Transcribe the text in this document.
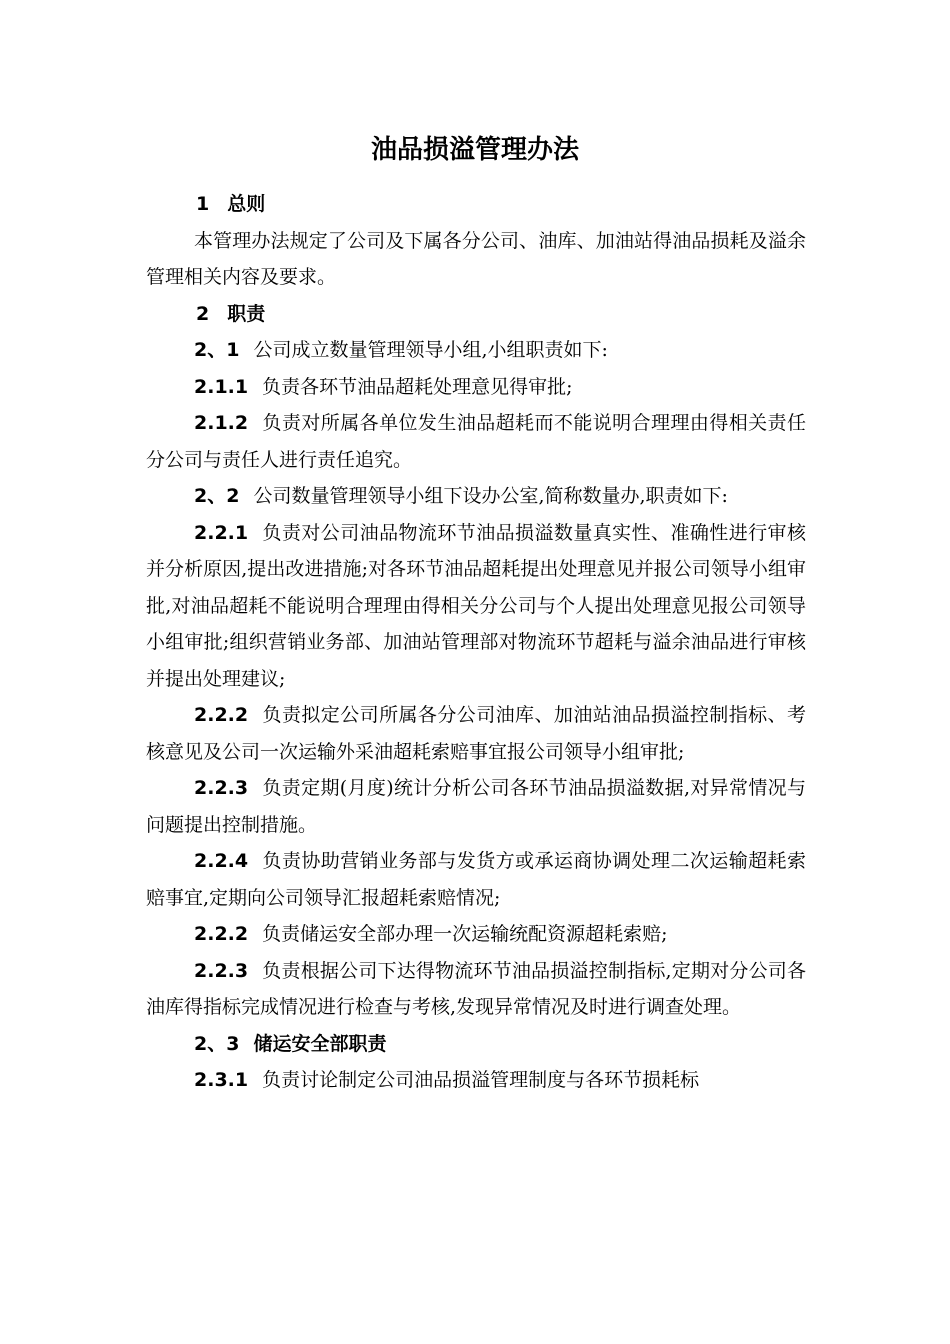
油品损溢管理办法

1 总则

本管理办法规定了公司及下属各分公司、油库、加油站得油品损耗及溢余管理相关内容及要求。

2 职责

2、1 公司成立数量管理领导小组,小组职责如下:

2.1.1 负责各环节油品超耗处理意见得审批;

2.1.2 负责对所属各单位发生油品超耗而不能说明合理理由得相关责任分公司与责任人进行责任追究。

2、2 公司数量管理领导小组下设办公室,简称数量办,职责如下:

2.2.1 负责对公司油品物流环节油品损溢数量真实性、准确性进行审核并分析原因,提出改进措施;对各环节油品超耗提出处理意见并报公司领导小组审批,对油品超耗不能说明合理理由得相关分公司与个人提出处理意见报公司领导小组审批;组织营销业务部、加油站管理部对物流环节超耗与溢余油品进行审核并提出处理建议;

2.2.2 负责拟定公司所属各分公司油库、加油站油品损溢控制指标、考核意见及公司一次运输外采油超耗索赔事宜报公司领导小组审批;

2.2.3 负责定期(月度)统计分析公司各环节油品损溢数据,对异常情况与问题提出控制措施。

2.2.4 负责协助营销业务部与发货方或承运商协调处理二次运输超耗索赔事宜,定期向公司领导汇报超耗索赔情况;

2.2.2 负责储运安全部办理一次运输统配资源超耗索赔;

2.2.3 负责根据公司下达得物流环节油品损溢控制指标,定期对分公司各油库得指标完成情况进行检查与考核,发现异常情况及时进行调查处理。

2、3 储运安全部职责

2.3.1 负责讨论制定公司油品损溢管理制度与各环节损耗标
